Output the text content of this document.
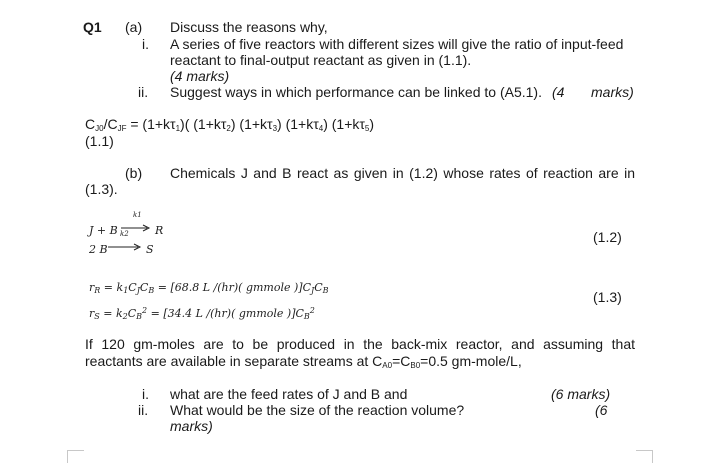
Q1 (a) Discuss the reasons why,
i. A series of five reactors with different sizes will give the ratio of input-feed
reactant to final-output reactant as given in (1.1).
(4 marks)
ii. Suggest ways in which performance can be linked to (A5.1). (4 marks)
$C_{J0}/C_{JF} = (1+k\tau_1)$( $(1+k\tau_2)$ $(1+k\tau_3)$ $(1+k\tau_4)$ $(1+k\tau_5)$
(1.1)
(b) Chemicals J and B react as given in (1.2) whose rates of reaction are in
(1.3).
J + B →
k1
R
2 B →
k2
S
(1.2)
$r_R = k_1C_JC_B = [68.8$ L /(hr)( gmmole )]$C_JC_B$
$r_S = k_2C_B^2 = [34.4$ L /(hr)( gmmole )]$C_B^2$
(1.3)
If 120 gm-moles are to be produced in the back-mix reactor, and assuming that
reactants are available in separate streams at $C_{A0}=C_{B0}=0.5$ gm-mole/L,
i. what are the feed rates of J and B and	(6 marks)
ii. What would be the size of the reaction volume?	(6
marks)
